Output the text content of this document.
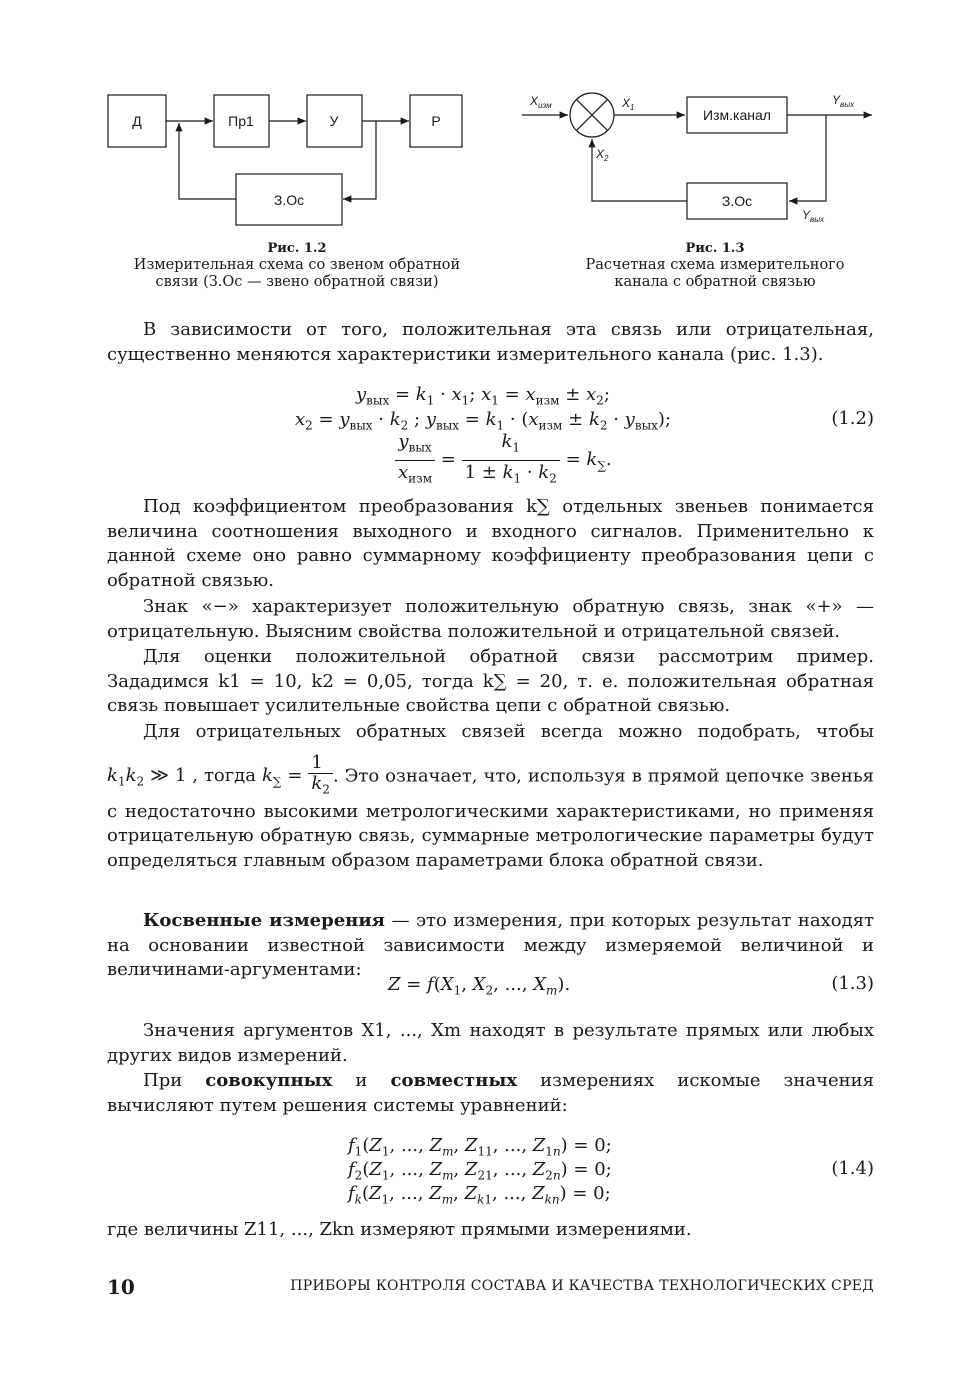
Д	Пр1	У	Р
З.Ос
Рис. 1.2
Измерительная схема со звеном обратной
связи (З.Ос — звено обратной связи)
$X_{изм}$	$X_1$
$X_2$
Изм.канал
З.Ос
$Y_{вых}$
$Y_{вых}$
Рис. 1.3
Расчетная схема измерительного
канала с обратной связью
В зависимости от того, положительная эта связь или отрицательная, существенно меняются характеристики измерительного канала (рис. 1.3).
$y_{вых} = k_1 \cdot x_1$; $x_1 = x_{изм} \pm x_2$;
$x_2 = y_{вых} \cdot k_2$ ; $y_{вых} = k_1 \cdot (x_{изм} \pm k_2 \cdot y_{вых})$;
$\frac{y_{вых}}{x_{изм}} = \frac{k_1}{1 \pm k_1 \cdot k_2} = k_\sum$.
(1.2)
Под коэффициентом преобразования k∑ отдельных звеньев понимается величина соотношения выходного и входного сигналов. Применительно к данной схеме оно равно суммарному коэффициенту преобразования цепи с обратной связью.
Знак «−» характеризует положительную обратную связь, знак «+» — отрицательную. Выясним свойства положительной и отрицательной связей.
Для оценки положительной обратной связи рассмотрим пример. Зададимся k1 = 10, k2 = 0,05, тогда k∑ = 20, т. е. положительная обратная связь повышает усилительные свойства цепи с обратной связью.
Для отрицательных обратных связей всегда можно подобрать, чтобы
$k_1k_2$ ≫ 1 , тогда $k_\sum = \frac{1}{k_2}$ . Это означает, что, используя в прямой цепочке звенья с недостаточно высокими метрологическими характеристиками, но применяя отрицательную обратную связь, суммарные метрологические параметры будут определяться главным образом параметрами блока обратной связи.
Косвенные измерения — это измерения, при которых результат находят на основании известной зависимости между измеряемой величиной и величинами-аргументами:
$Z = f(X_1$, $X_2$, ..., $X_m$).	(1.3)
Значения аргументов X1, ..., Xm находят в результате прямых или любых других видов измерений.
При совокупных и совместных измерениях искомые значения вычисляют путем решения системы уравнений:
$f_1(Z_1$, ..., $Z_m$, $Z_{11}$, ..., $Z_{1n}) = 0$;
$f_2(Z_1$, ..., $Z_m$, $Z_{21}$, ..., $Z_{2n}) = 0$;
$f_k(Z_1$, ..., $Z_m$, $Z_{k1}$, ..., $Z_{kn}) = 0$;
(1.4)
где величины Z11, ..., Zkn измеряют прямыми измерениями.
10	ПРИБОРЫ КОНТРОЛЯ СОСТАВА И КАЧЕСТВА ТЕХНОЛОГИЧЕСКИХ СРЕД
